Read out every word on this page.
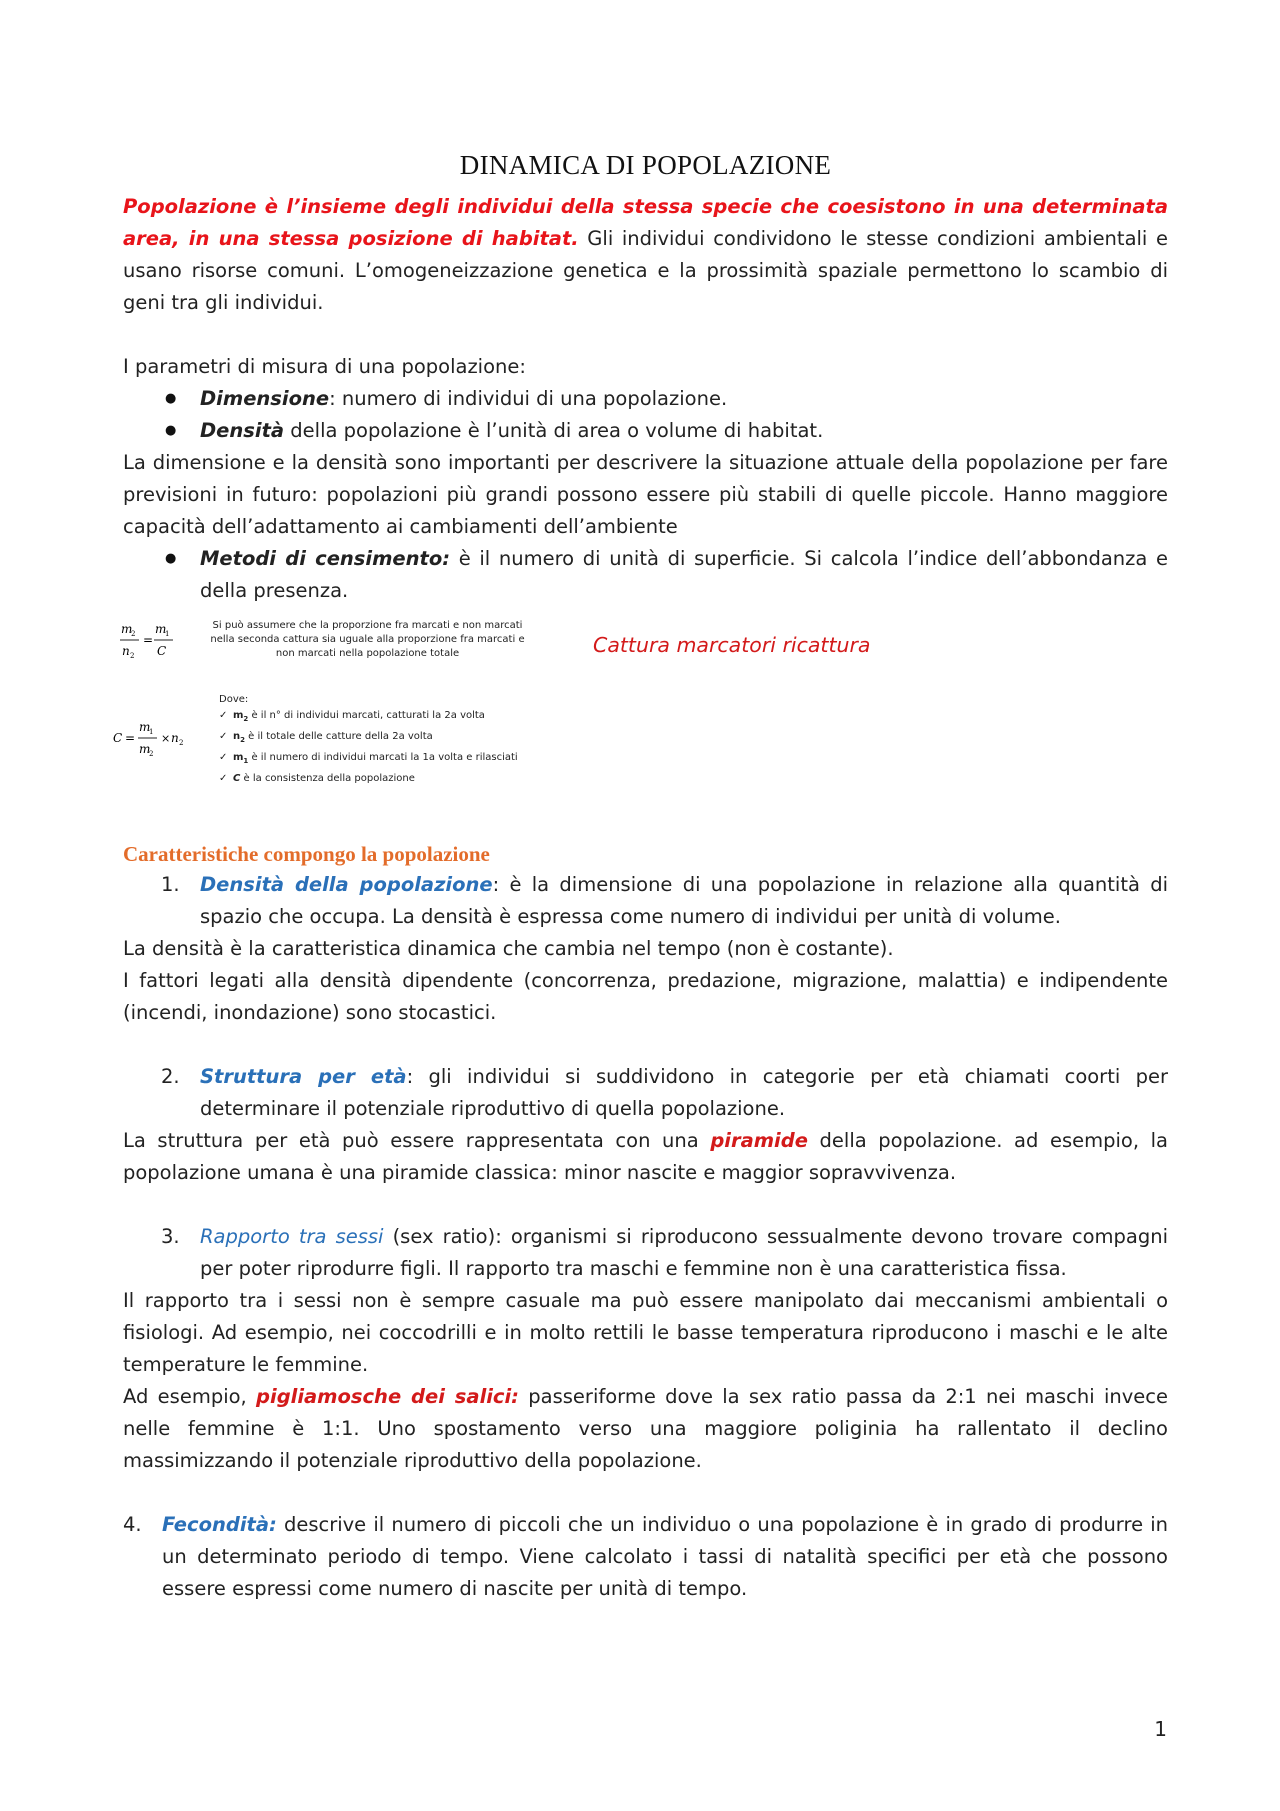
DINAMICA DI POPOLAZIONE

Popolazione è l’insieme degli individui della stessa specie che coesistono in una determinata area, in una stessa posizione di habitat. Gli individui condividono le stesse condizioni ambientali e usano risorse comuni. L’omogeneizzazione genetica e la prossimità spaziale permettono lo scambio di geni tra gli individui.

I parametri di misura di una popolazione:

● Dimensione: numero di individui di una popolazione.
● Densità della popolazione è l’unità di area o volume di habitat.

La dimensione e la densità sono importanti per descrivere la situazione attuale della popolazione per fare previsioni in futuro: popolazioni più grandi possono essere più stabili di quelle piccole. Hanno maggiore capacità dell’adattamento ai cambiamenti dell’ambiente

● Metodi di censimento: è il numero di unità di superficie. Si calcola l’indice dell’abbondanza e della presenza.
m
2
n 2
=
m
1
C
Si può assumere che la proporzione fra marcati e non marcati nella seconda cattura sia uguale alla proporzione fra marcati e non marcati nella popolazione totale	Cattura marcatori ricattura
C =
m
1
m
2
× n 2
Dove:
✓ $m_2$ è il n° di individui marcati, catturati la 2a volta
✓ $n_2$ è il totale delle catture della 2a volta
✓ $m_1$ è il numero di individui marcati la 1a volta e rilasciati
✓ C è la consistenza della popolazione
Caratteristiche compongo la popolazione

1. Densità della popolazione: è la dimensione di una popolazione in relazione alla quantità di spazio che occupa. La densità è espressa come numero di individui per unità di volume.

La densità è la caratteristica dinamica che cambia nel tempo (non è costante).

I fattori legati alla densità dipendente (concorrenza, predazione, migrazione, malattia) e indipendente (incendi, inondazione) sono stocastici.

2. Struttura per età: gli individui si suddividono in categorie per età chiamati coorti per determinare il potenziale riproduttivo di quella popolazione.

La struttura per età può essere rappresentata con una piramide della popolazione. ad esempio, la popolazione umana è una piramide classica: minor nascite e maggior sopravvivenza.

3. Rapporto tra sessi (sex ratio): organismi si riproducono sessualmente devono trovare compagni per poter riprodurre figli. Il rapporto tra maschi e femmine non è una caratteristica fissa.

Il rapporto tra i sessi non è sempre casuale ma può essere manipolato dai meccanismi ambientali o fisiologi. Ad esempio, nei coccodrilli e in molto rettili le basse temperatura riproducono i maschi e le alte temperature le femmine.

Ad esempio, pigliamosche dei salici: passeriforme dove la sex ratio passa da 2:1 nei maschi invece nelle femmine è 1:1. Uno spostamento verso una maggiore poliginia ha rallentato il declino massimizzando il potenziale riproduttivo della popolazione.

4. Fecondità: descrive il numero di piccoli che un individuo o una popolazione è in grado di produrre in un determinato periodo di tempo. Viene calcolato i tassi di natalità specifici per età che possono essere espressi come numero di nascite per unità di tempo.

1
